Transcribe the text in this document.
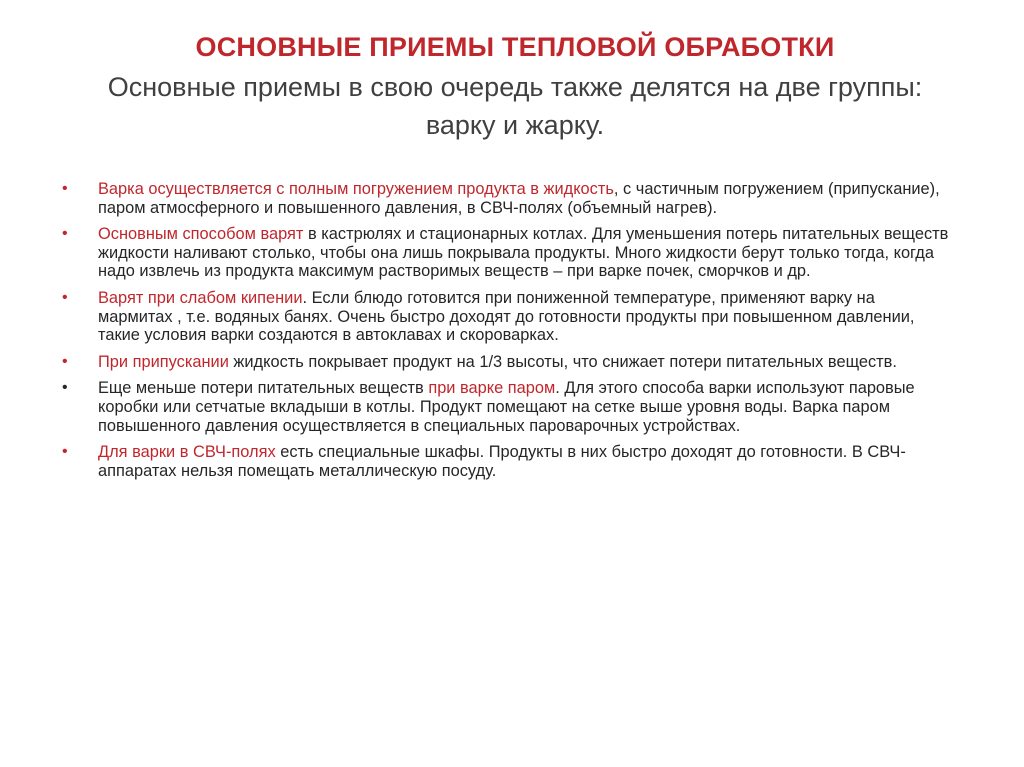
ОСНОВНЫЕ ПРИЕМЫ ТЕПЛОВОЙ ОБРАБОТКИ

Основные приемы в свою очередь также делятся на две группы: варку и жарку.

• Варка осуществляется с полным погружением продукта в жидкость, с частичным погружением (припускание), паром атмосферного и повышенного давления, в СВЧ-полях (объемный нагрев).
• Основным способом варят в кастрюлях и стационарных котлах. Для уменьшения потерь питательных веществ жидкости наливают столько, чтобы она лишь покрывала продукты. Много жидкости берут только тогда, когда надо извлечь из продукта максимум растворимых веществ – при варке почек, сморчков и др.
• Варят при слабом кипении. Если блюдо готовится при пониженной температуре, применяют варку на мармитах , т.е. водяных банях. Очень быстро доходят до готовности продукты при повышенном давлении, такие условия варки создаются в автоклавах и скороварках.
• При припускании жидкость покрывает продукт на 1/3 высоты, что снижает потери питательных веществ.
• Еще меньше потери питательных веществ при варке паром. Для этого способа варки используют паровые коробки или сетчатые вкладыши в котлы. Продукт помещают на сетке выше уровня воды. Варка паром повышенного давления осуществляется в специальных пароварочных устройствах.
• Для варки в СВЧ-полях есть специальные шкафы. Продукты в них быстро доходят до готовности. В СВЧ-аппаратах нельзя помещать металлическую посуду.
